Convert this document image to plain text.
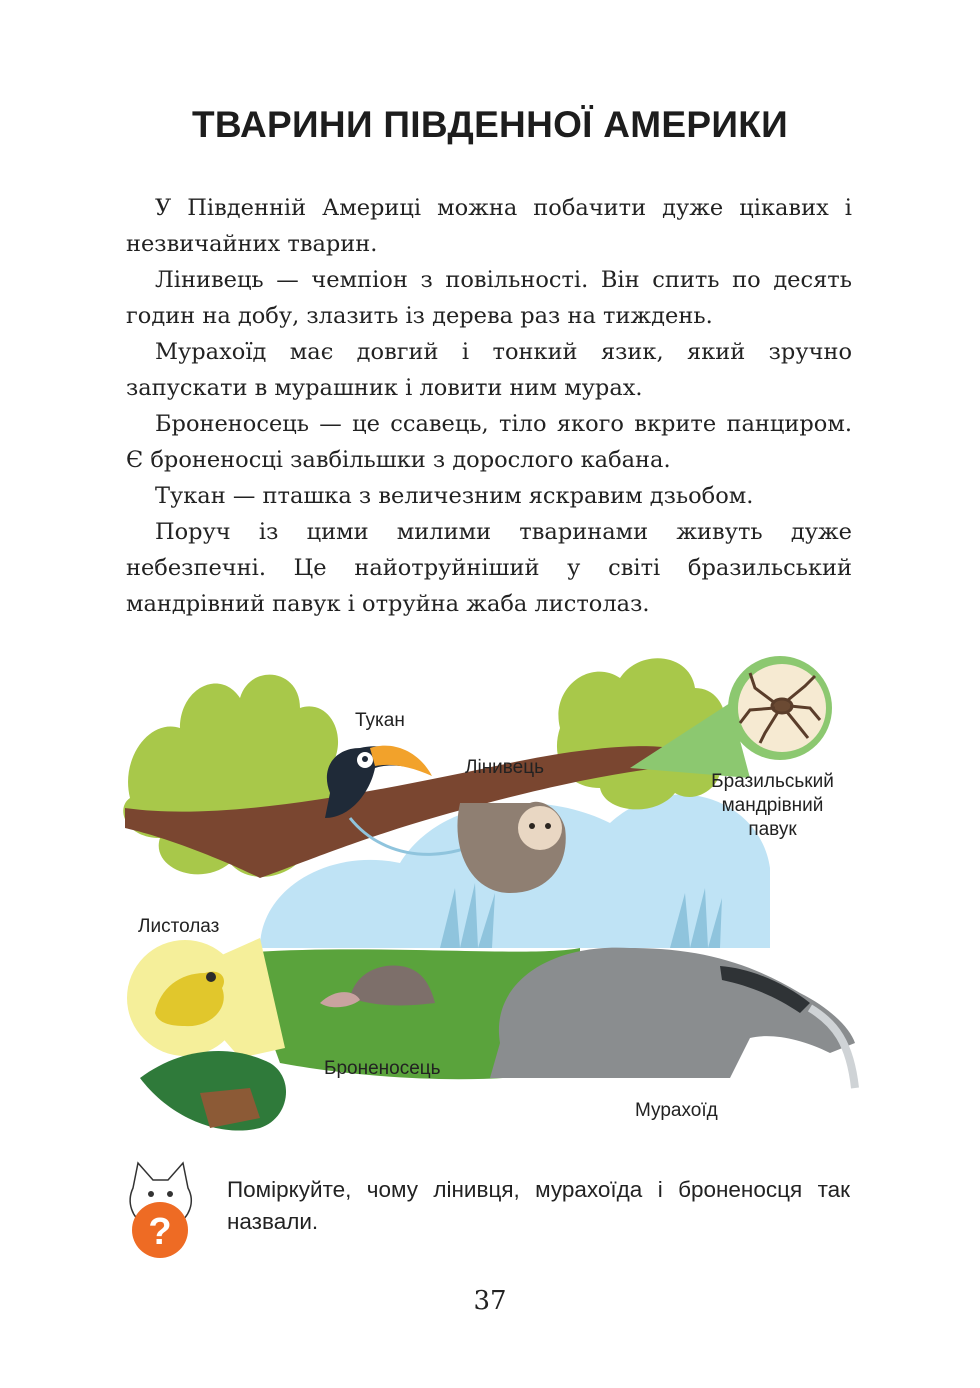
ТВАРИНИ ПІВДЕННОЇ АМЕРИКИ

У Південній Америці можна побачити дуже цікавих і незвичайних тварин.

Лінивець — чемпіон з повільності. Він спить по десять годин на добу, злазить із дерева раз на тиждень.

Мурахоїд має довгий і тонкий язик, який зручно запускати в мурашник і ловити ним мурах.

Броненосець — це ссавець, тіло якого вкрите панциром. Є броненосці завбільшки з дорослого кабана.

Тукан — пташка з величезним яскравим дзьобом.

Поруч із цими милими тваринами живуть дуже небезпечні. Це найотруйніший у світі бразильський мандрівний павук і отруйна жаба листолаз.

Тукан
Лінивець
Бразильський
мандрівний
павук
Листолаз
Броненосець
Мурахоїд
?

Поміркуйте, чому лінивця, мурахоїда і броненосця так назвали.

37
